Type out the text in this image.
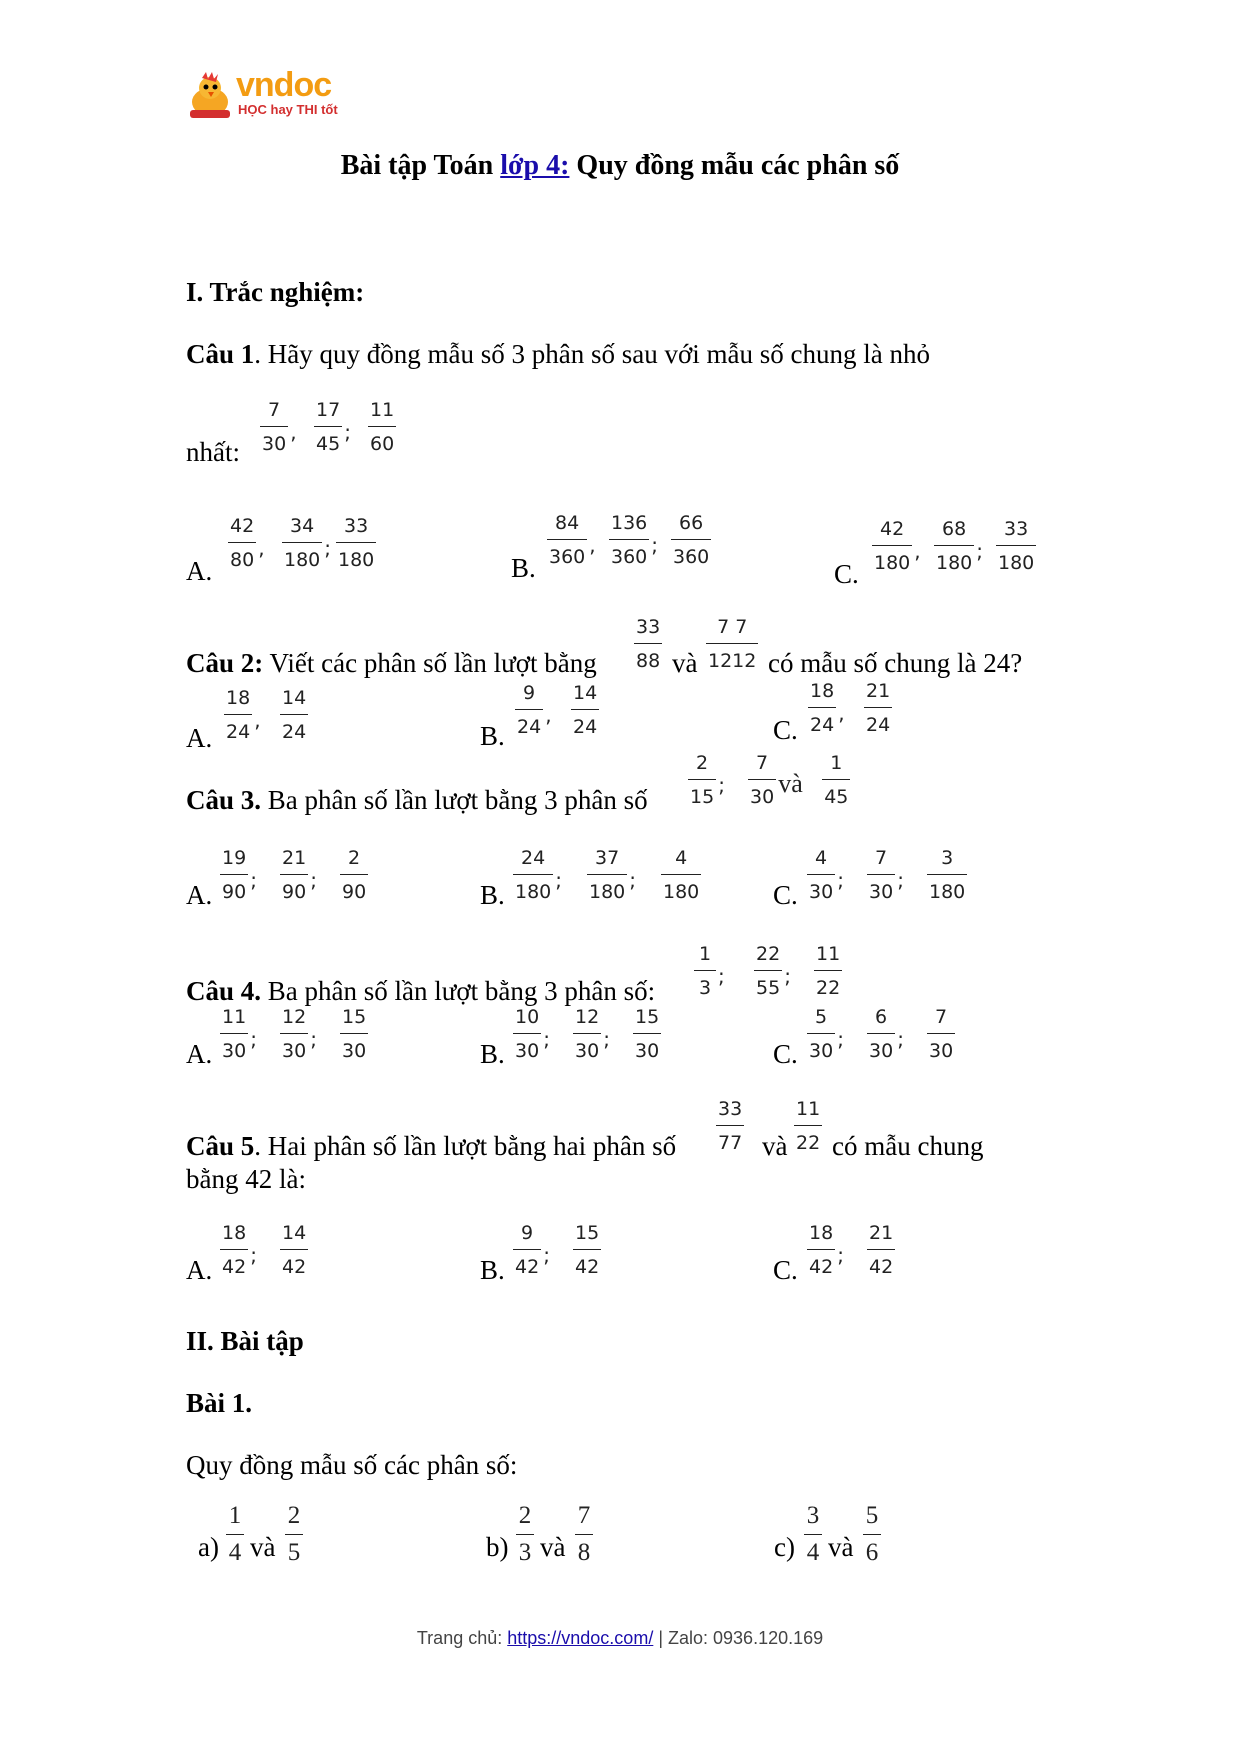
vndoc
HỌC hay THI tốt
Bài tập Toán lớp 4: Quy đồng mẫu các phân số
I. Trắc nghiệm:
Câu 1. Hãy quy đồng mẫu số 3 phân số sau với mẫu số chung là nhỏ
nhất:
A.	B.	C.
Câu 2: Viết các phân số lần lượt bằng	và	có mẫu số chung là 24?
A.	B.	C.
Câu 3. Ba phân số lần lượt bằng 3 phân số
A.	B.	C.
Câu 4. Ba phân số lần lượt bằng 3 phân số:
A.	B.	C.
Câu 5. Hai phân số lần lượt bằng hai phân số	và có mẫu chung
bằng 42 là:
A.	B.	C.
II. Bài tập
Bài 1.
Quy đồng mẫu số các phân số:
a) và	b) và	c) và
Trang chủ: https://vndoc.com/ | Zalo: 0936.120.169
33
88
7 7
1212
33
77
11
22
1
4
2
5
2
3
7
8
3
4
5
6
7
30 ,
17
45 ;
11
60
42
80 ,
34
180 ;
33
180
84
360 ,
136
360 ;
66
360
42
180 ,
68
180 ;
33
180
18
24 ,
14
24
9
24 ,
14
24
18
24 ,
21
24
2
15 ;
7
30 và
1
45
19
90 ;
21
90 ;
2
90
24
180 ;
37
180 ;
4
180
4
30 ;
7
30 ;
3
180
1
3 ;
22
55 ;
11
22
11
30 ;
12
30 ;
15
30
10
30 ;
12
30 ;
15
30
5
30 ;
6
30 ;
7
30
18
42 ;
14
42
9
42 ;
15
42
18
42 ;
21
42
